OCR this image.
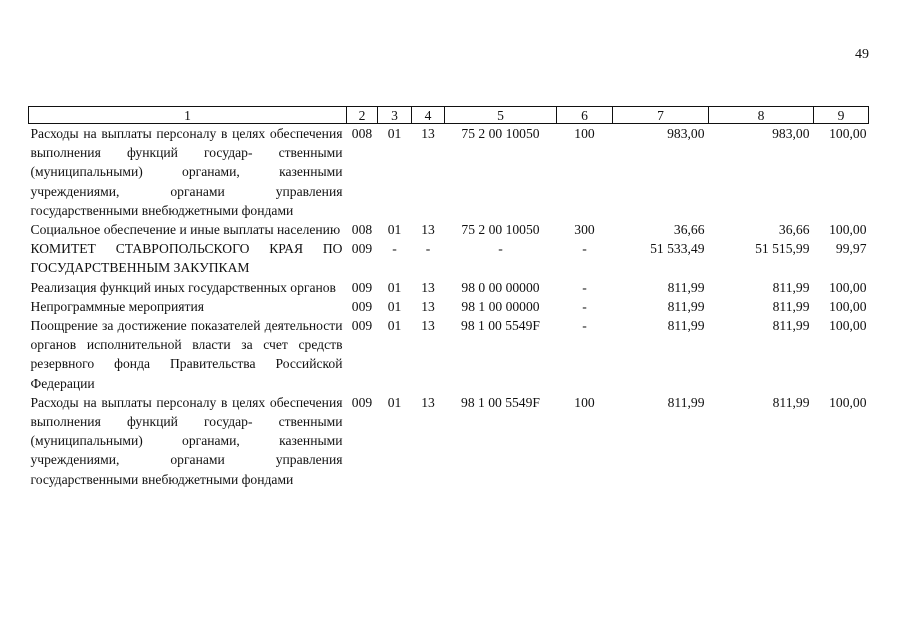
49
1	2	3	4	5	6	7	8	9
Расходы на выплаты персоналу в целях обеспечения выполнения функций государ- ственными (муниципальными) органами, казенными учреждениями, органами управления государственными внебюджетными фондами	008	01	13	75 2 00 10050	100	983,00	983,00	100,00
Социальное обеспечение и иные выплаты населению	008	01	13	75 2 00 10050	300	36,66	36,66	100,00
КОМИТЕТ СТАВРОПОЛЬСКОГО КРАЯ ПО ГОСУДАРСТВЕННЫМ ЗАКУПКАМ	009	-	-	-	-	51 533,49	51 515,99	99,97
Реализация функций иных государственных органов	009	01	13	98 0 00 00000	-	811,99	811,99	100,00
Непрограммные мероприятия	009	01	13	98 1 00 00000	-	811,99	811,99	100,00
Поощрение за достижение показателей деятельности органов исполнительной власти за счет средств резервного фонда Правительства Российской Федерации	009	01	13	98 1 00 5549F	-	811,99	811,99	100,00
Расходы на выплаты персоналу в целях обеспечения выполнения функций государ- ственными (муниципальными) органами, казенными учреждениями, органами управления государственными внебюджетными фондами	009	01	13	98 1 00 5549F	100	811,99	811,99	100,00
